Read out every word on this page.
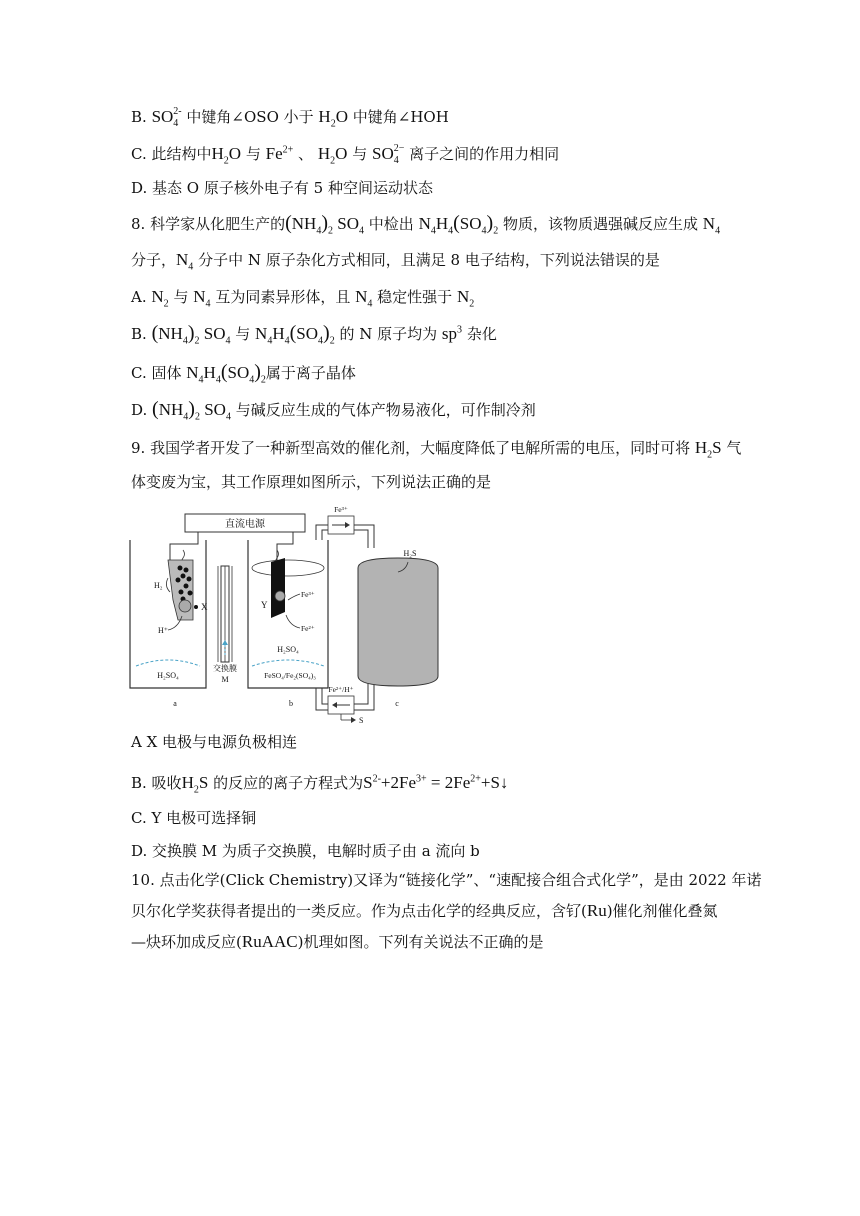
B. $SO_4^{2-}$ 中键角∠OSO 小于 $H_2O$ 中键角∠HOH
C. 此结构中$H_2O$ 与 $Fe^{2+}$ 、 $H_2O$ 与 $SO_4^{2-}$ 离子之间的作用力相同
D. 基态 O 原子核外电子有 5 种空间运动状态
8. 科学家从化肥生产的$(NH_4)_2$ $SO_4$ 中检出 $N_4H_4(SO_4)_2$ 物质，该物质遇强碱反应生成 $N_4$
分子，$N_4$ 分子中 N 原子杂化方式相同，且满足 8 电子结构，下列说法错误的是
A. $N_2$ 与 $N_4$ 互为同素异形体，且 $N_4$ 稳定性强于 $N_2$
B. $(NH_4)_2$ $SO_4$ 与 $N_4H_4(SO_4)_2$ 的 N 原子均为 $sp^3$ 杂化
C. 固体 $N_4H_4(SO_4)_2$属于离子晶体
D. $(NH_4)_2$ $SO_4$ 与碱反应生成的气体产物易液化，可作制冷剂
9. 我国学者开发了一种新型高效的催化剂，大幅度降低了电解所需的电压，同时可将 $H_2S$ 气
体变废为宝，其工作原理如图所示，下列说法正确的是
直流电源
H₂SO₄
H₂
X
H⁺
交换膜
M
H₂SO₄
FeSO₄/Fe₂(SO₄)₃
Y
Fe³⁺
Fe²⁺
Fe³⁺
Fe²⁺/H⁺
S
H₂S
a	b	c
A X 电极与电源负极相连
B. 吸收$H_2S$ 的反应的离子方程式为$S^{2-}+2Fe^{3+}$ = $2Fe^{2+}+S↓$
C. Y 电极可选择铜
D. 交换膜 M 为质子交换膜，电解时质子由 a 流向 b
10. 点击化学(Click Chemistry)又译为“链接化学”、“速配接合组合式化学”，是由 2022 年诺
贝尔化学奖获得者提出的一类反应。作为点击化学的经典反应，含钌(Ru)催化剂催化叠氮
—炔环加成反应(RuAAC)机理如图。下列有关说法不正确的是
